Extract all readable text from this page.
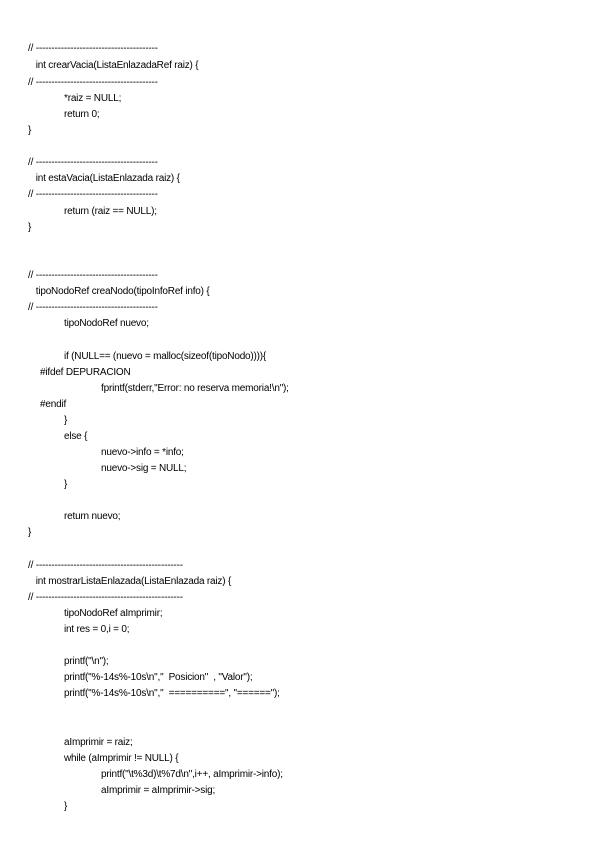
// ---------------------------------------
int crearVacia(ListaEnlazadaRef raiz) {
// ---------------------------------------
*raiz = NULL;
return 0;
}
// ---------------------------------------
int estaVacia(ListaEnlazada raiz) {
// ---------------------------------------
return (raiz == NULL);
}
// ---------------------------------------
tipoNodoRef creaNodo(tipoInfoRef info) {
// ---------------------------------------
tipoNodoRef nuevo;
if (NULL== (nuevo = malloc(sizeof(tipoNodo)))){
#ifdef DEPURACION
fprintf(stderr,"Error: no reserva memoria!\n");
#endif
}
else {
nuevo->info = *info;
nuevo->sig = NULL;
}
return nuevo;
}
// -----------------------------------------------
int mostrarListaEnlazada(ListaEnlazada raiz) {
// -----------------------------------------------
tipoNodoRef aImprimir;
int res = 0,i = 0;
printf("\n");
printf("%-14s%-10s\n","  Posicion"  , "Valor");
printf("%-14s%-10s\n","  ==========", "======");
aImprimir = raiz;
while (aImprimir != NULL) {
printf("\t%3d)\t%7d\n",i++, aImprimir->info);
aImprimir = aImprimir->sig;
}
